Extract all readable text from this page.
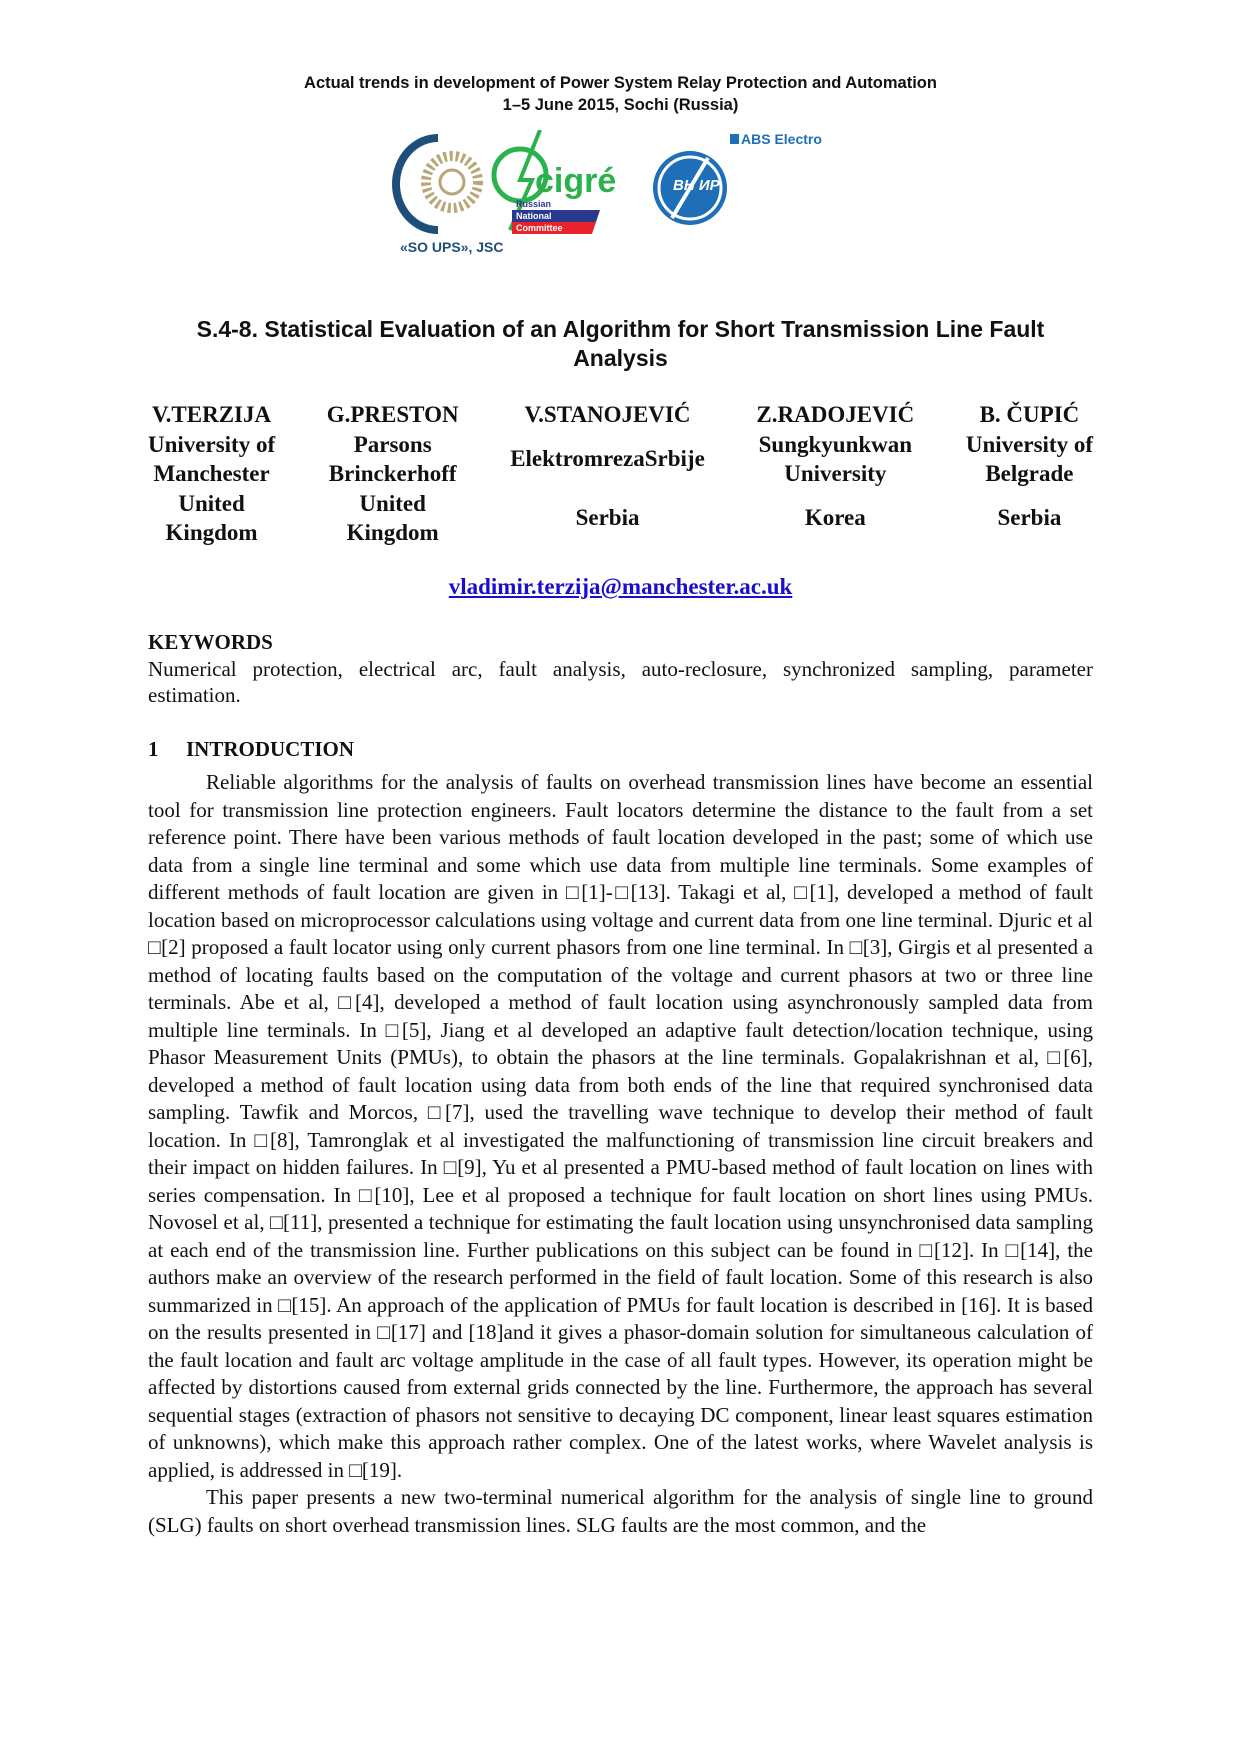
Actual trends in development of Power System Relay Protection and Automation
1–5 June 2015, Sochi (Russia)
«SO UPS», JSC
cigré
Russian
National
Committee
ВН ИР
ABS Electro
S.4-8. Statistical Evaluation of an Algorithm for Short Transmission Line Fault
Analysis
V.TERZIJA
University of
Manchester
United
Kingdom
G.PRESTON
Parsons
Brinckerhoff
United
Kingdom
V.STANOJEVIĆ
ElektromrezaSrbije
Serbia
Z.RADOJEVIĆ
Sungkyunkwan
University
Korea
B. ČUPIĆ
University of
Belgrade
Serbia
vladimir.terzija@manchester.ac.uk
KEYWORDS
Numerical protection, electrical arc, fault analysis, auto-reclosure, synchronized sampling, parameter estimation.
1 INTRODUCTION

Reliable algorithms for the analysis of faults on overhead transmission lines have become an essential tool for transmission line protection engineers. Fault locators determine the distance to the fault from a set reference point. There have been various methods of fault location developed in the past; some of which use data from a single line terminal and some which use data from multiple line terminals. Some examples of different methods of fault location are given in □[1]-□[13]. Takagi et al, □[1], developed a method of fault location based on microprocessor calculations using voltage and current data from one line terminal. Djuric et al □[2] proposed a fault locator using only current phasors from one line terminal. In □[3], Girgis et al presented a method of locating faults based on the computation of the voltage and current phasors at two or three line terminals. Abe et al, □[4], developed a method of fault location using asynchronously sampled data from multiple line terminals. In □[5], Jiang et al developed an adaptive fault detection/location technique, using Phasor Measurement Units (PMUs), to obtain the phasors at the line terminals. Gopalakrishnan et al, □[6], developed a method of fault location using data from both ends of the line that required synchronised data sampling. Tawfik and Morcos, □[7], used the travelling wave technique to develop their method of fault location. In □[8], Tamronglak et al investigated the malfunctioning of transmission line circuit breakers and their impact on hidden failures. In □[9], Yu et al presented a PMU-based method of fault location on lines with series compensation. In □[10], Lee et al proposed a technique for fault location on short lines using PMUs. Novosel et al, □[11], presented a technique for estimating the fault location using unsynchronised data sampling at each end of the transmission line. Further publications on this subject can be found in □[12]. In □[14], the authors make an overview of the research performed in the field of fault location. Some of this research is also summarized in □[15]. An approach of the application of PMUs for fault location is described in [16]. It is based on the results presented in □[17] and [18]and it gives a phasor-domain solution for simultaneous calculation of the fault location and fault arc voltage amplitude in the case of all fault types. However, its operation might be affected by distortions caused from external grids connected by the line. Furthermore, the approach has several sequential stages (extraction of phasors not sensitive to decaying DC component, linear least squares estimation of unknowns), which make this approach rather complex. One of the latest works, where Wavelet analysis is applied, is addressed in □[19].

This paper presents a new two-terminal numerical algorithm for the analysis of single line to ground (SLG) faults on short overhead transmission lines. SLG faults are the most common, and the
